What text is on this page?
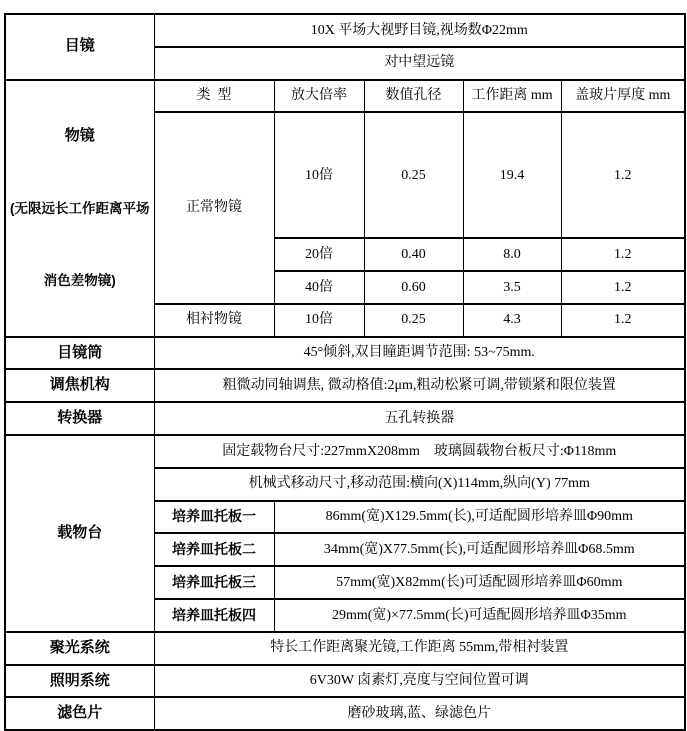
目镜	10X 平场大视野目镜,视场数Φ22mm				
	对中望远镜				

物镜

(无限远长工作距离平场

消色差物镜)	类  型	放大倍率	数值孔径	工作距离 mm	盖玻片厚度 mm
	正常物镜	10倍	0.25	19.4	1.2
		20倍	0.40	8.0	1.2
		40倍	0.60	3.5	1.2
	相衬物镜	10倍	0.25	4.3	1.2
目镜筒	45°倾斜,双目瞳距调节范围: 53~75mm.				
调焦机构	粗微动同轴调焦, 微动格值:2μm,粗动松紧可调,带锁紧和限位装置				
转换器	五孔转换器				
载物台	固定载物台尺寸:227mmX208mm    玻璃圆载物台板尺寸:Φ118mm				
	机械式移动尺寸,移动范围:横向(X)114mm,纵向(Y) 77mm				
	培养皿托板一	86mm(宽)X129.5mm(长),可适配圆形培养皿Φ90mm			
	培养皿托板二	34mm(宽)X77.5mm(长),可适配圆形培养皿Φ68.5mm			
	培养皿托板三	57mm(宽)X82mm(长)可适配圆形培养皿Φ60mm			
	培养皿托板四	29mm(宽)×77.5mm(长)可适配圆形培养皿Φ35mm			
聚光系统	特长工作距离聚光镜,工作距离 55mm,带相衬装置				
照明系统	6V30W 卤素灯,亮度与空间位置可调				
滤色片	磨砂玻璃,蓝、绿滤色片				
